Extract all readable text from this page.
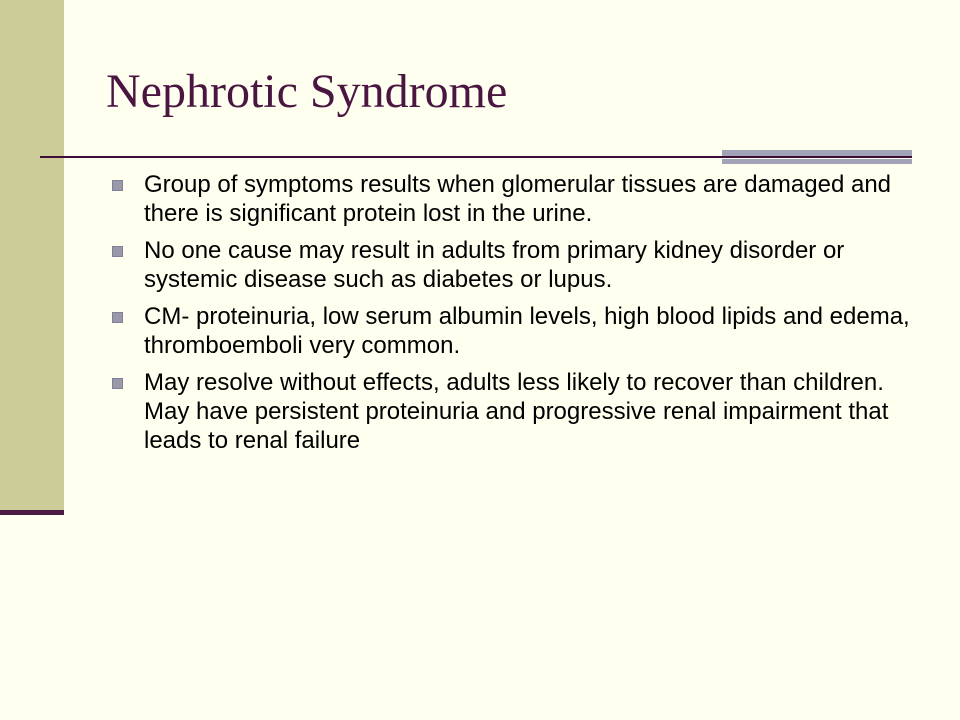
Nephrotic Syndrome
Group of symptoms results when glomerular tissues are damaged and there is significant protein lost in the urine.
No one cause may result in adults from primary kidney disorder or systemic disease such as diabetes or lupus.
CM- proteinuria, low serum albumin levels, high blood lipids and edema, thromboemboli very common.
May resolve without effects, adults less likely to recover than children. May have persistent proteinuria and progressive renal impairment that leads to renal failure
